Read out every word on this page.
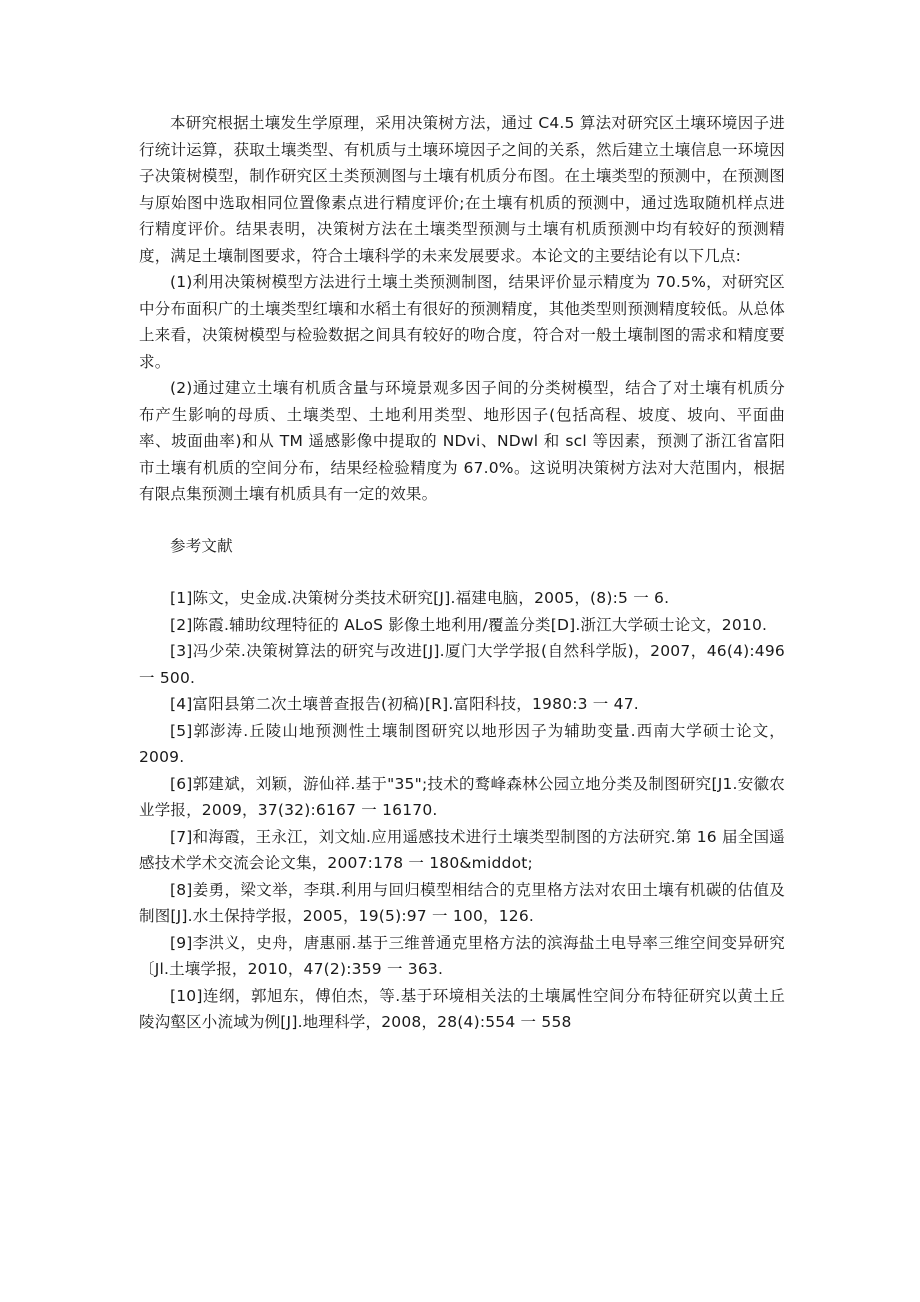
本研究根据土壤发生学原理，采用决策树方法，通过 C4.5 算法对研究区土壤环境因子进行统计运算，获取土壤类型、有机质与土壤环境因子之间的关系，然后建立土壤信息一环境因子决策树模型，制作研究区土类预测图与土壤有机质分布图。在土壤类型的预测中，在预测图与原始图中选取相同位置像素点进行精度评价;在土壤有机质的预测中，通过选取随机样点进行精度评价。结果表明，决策树方法在土壤类型预测与土壤有机质预测中均有较好的预测精度，满足土壤制图要求，符合土壤科学的未来发展要求。本论文的主要结论有以下几点:

(1)利用决策树模型方法进行土壤土类预测制图，结果评价显示精度为 70.5%，对研究区中分布面积广的土壤类型红壤和水稻土有很好的预测精度，其他类型则预测精度较低。从总体上来看，决策树模型与检验数据之间具有较好的吻合度，符合对一般土壤制图的需求和精度要求。

(2)通过建立土壤有机质含量与环境景观多因子间的分类树模型，结合了对土壤有机质分布产生影响的母质、土壤类型、土地利用类型、地形因子(包括高程、坡度、坡向、平面曲率、坡面曲率)和从 TM 遥感影像中提取的 NDvi、NDwl 和 scl 等因素，预测了浙江省富阳市土壤有机质的空间分布，结果经检验精度为 67.0%。这说明决策树方法对大范围内，根据有限点集预测土壤有机质具有一定的效果。

参考文献

[1]陈文，史金成.决策树分类技术研究[J].福建电脑，2005，(8):5 一 6.

[2]陈霞.辅助纹理特征的 ALoS 影像土地利用/覆盖分类[D].浙江大学硕士论文，2010.

[3]冯少荣.决策树算法的研究与改进[J].厦门大学学报(自然科学版)，2007，46(4):496 一 500.

[4]富阳县第二次土壤普查报告(初稿)[R].富阳科技，1980:3 一 47.

[5]郭澎涛.丘陵山地预测性土壤制图研究以地形因子为辅助变量.西南大学硕士论文，2009.

[6]郭建斌，刘颖，游仙祥.基于"35";技术的鹜峰森林公园立地分类及制图研究[J1.安徽农业学报，2009，37(32):6167 一 16170.

[7]和海霞，王永江，刘文灿.应用遥感技术进行土壤类型制图的方法研究.第 16 届全国遥感技术学术交流会论文集，2007:178 一 180&middot;

[8]姜勇，梁文举，李琪.利用与回归模型相结合的克里格方法对农田土壤有机碳的估值及制图[J].水土保持学报，2005，19(5):97 一 100，126.

[9]李洪义，史舟，唐惠丽.基于三维普通克里格方法的滨海盐土电导率三维空间变异研究〔Jl.土壤学报，2010，47(2):359 一 363.

[10]连纲，郭旭东，傅伯杰，等.基于环境相关法的土壤属性空间分布特征研究以黄土丘陵沟壑区小流域为例[J].地理科学，2008，28(4):554 一 558
